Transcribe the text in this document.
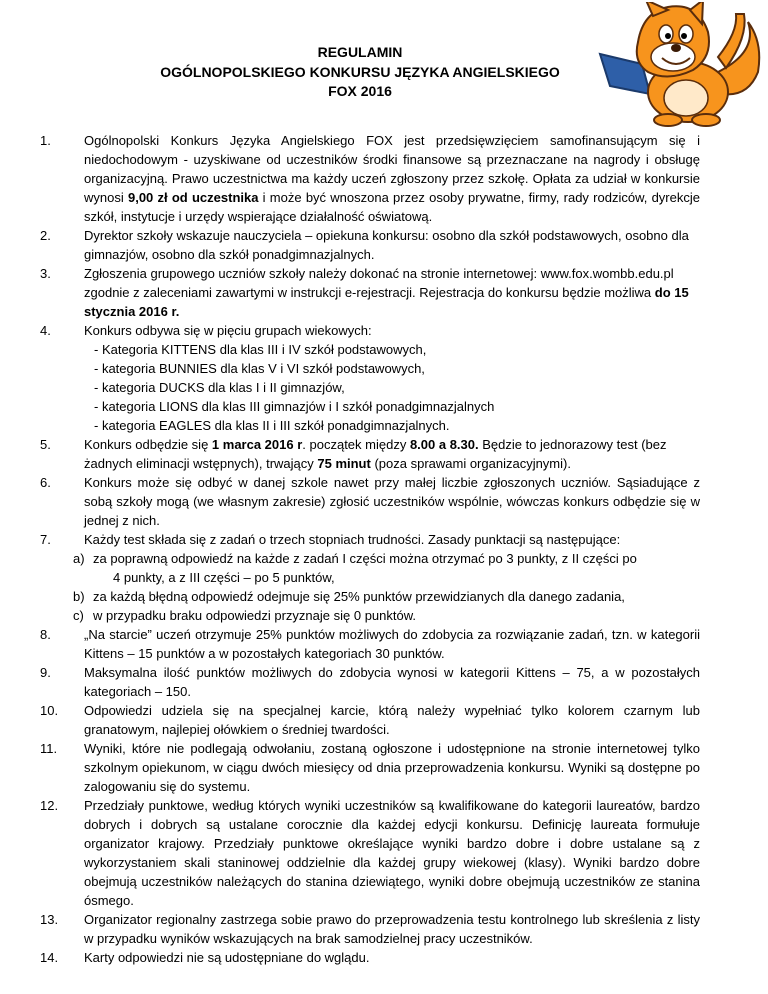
REGULAMIN
OGÓLNOPOLSKIEGO KONKURSU JĘZYKA ANGIELSKIEGO
FOX 2016
1.	Ogólnopolski Konkurs Języka Angielskiego FOX jest przedsięwzięciem samofinansującym się i niedochodowym - uzyskiwane od uczestników środki finansowe są przeznaczane na nagrody i obsługę organizacyjną. Prawo uczestnictwa ma każdy uczeń zgłoszony przez szkołę. Opłata za udział w konkursie wynosi 9,00 zł od uczestnika i może być wnoszona przez osoby prywatne, firmy, rady rodziców, dyrekcje szkół, instytucje i urzędy wspierające działalność oświatową.
2.	Dyrektor szkoły wskazuje nauczyciela – opiekuna konkursu: osobno dla szkół podstawowych, osobno dla gimnazjów, osobno dla szkół ponadgimnazjalnych.
3.	Zgłoszenia grupowego uczniów szkoły należy dokonać na stronie internetowej: www.fox.wombb.edu.pl zgodnie z zaleceniami zawartymi w instrukcji e-rejestracji. Rejestracja do konkursu będzie możliwa do 15 stycznia 2016 r.
4.	Konkurs odbywa się w pięciu grupach wiekowych:
- Kategoria KITTENS dla klas III i IV szkół podstawowych,
- kategoria BUNNIES dla klas V i VI szkół podstawowych,
- kategoria DUCKS dla klas I i II gimnazjów,
- kategoria LIONS dla klas III gimnazjów i I szkół ponadgimnazjalnych
- kategoria EAGLES dla klas II i III szkół ponadgimnazjalnych.
5.	Konkurs odbędzie się 1 marca 2016 r. początek między 8.00 a 8.30. Będzie to jednorazowy test (bez żadnych eliminacji wstępnych), trwający 75 minut (poza sprawami organizacyjnymi).
6.	Konkurs może się odbyć w danej szkole nawet przy małej liczbie zgłoszonych uczniów. Sąsiadujące z sobą szkoły mogą (we własnym zakresie) zgłosić uczestników wspólnie, wówczas konkurs odbędzie się w jednej z nich.
7.	Każdy test składa się z zadań o trzech stopniach trudności. Zasady punktacji są następujące:
a) za poprawną odpowiedź na każde z zadań I części można otrzymać po 3 punkty, z II części po
4 punkty, a z III części – po 5 punktów,
b) za każdą błędną odpowiedź odejmuje się 25% punktów przewidzianych dla danego zadania,
c) w przypadku braku odpowiedzi przyznaje się 0 punktów.
8.	„Na starcie” uczeń otrzymuje 25% punktów możliwych do zdobycia za rozwiązanie zadań, tzn. w kategorii Kittens – 15 punktów a w pozostałych kategoriach 30 punktów.
9.	Maksymalna ilość punktów możliwych do zdobycia wynosi w kategorii Kittens – 75, a w pozostałych kategoriach – 150.
10.	Odpowiedzi udziela się na specjalnej karcie, którą należy wypełniać tylko kolorem czarnym lub granatowym, najlepiej ołówkiem o średniej twardości.
11.	Wyniki, które nie podlegają odwołaniu, zostaną ogłoszone i udostępnione na stronie internetowej tylko szkolnym opiekunom, w ciągu dwóch miesięcy od dnia przeprowadzenia konkursu. Wyniki są dostępne po zalogowaniu się do systemu.
12.	Przedziały punktowe, według których wyniki uczestników są kwalifikowane do kategorii laureatów, bardzo dobrych i dobrych są ustalane corocznie dla każdej edycji konkursu. Definicję laureata formułuje organizator krajowy. Przedziały punktowe określające wyniki bardzo dobre i dobre ustalane są z wykorzystaniem skali staninowej oddzielnie dla każdej grupy wiekowej (klasy). Wyniki bardzo dobre obejmują uczestników należących do stanina dziewiątego, wyniki dobre obejmują uczestników ze stanina ósmego.
13.	Organizator regionalny zastrzega sobie prawo do przeprowadzenia testu kontrolnego lub skreślenia z listy w przypadku wyników wskazujących na brak samodzielnej pracy uczestników.
14.	Karty odpowiedzi nie są udostępniane do wglądu.
